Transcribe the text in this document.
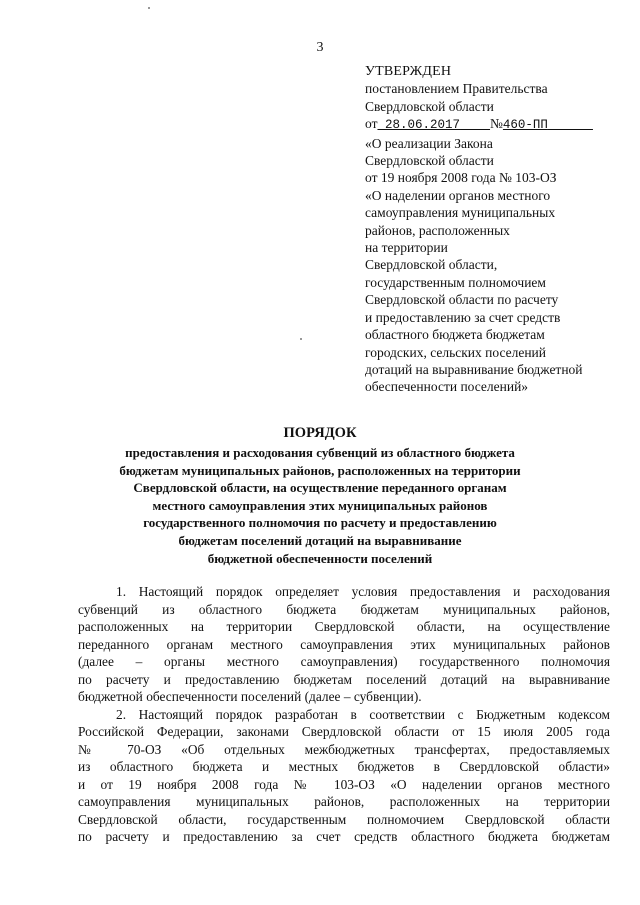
3
УТВЕРЖДЕН
постановлением Правительства
Свердловской области
от 28.06.2017 №460-ПП
«О реализации Закона
Свердловской области
от 19 ноября 2008 года № 103-ОЗ
«О наделении органов местного
самоуправления муниципальных
районов, расположенных
на территории
Свердловской области,
государственным полномочием
Свердловской области по расчету
и предоставлению за счет средств
областного бюджета бюджетам
городских, сельских поселений
дотаций на выравнивание бюджетной
обеспеченности поселений»
ПОРЯДОК
предоставления и расходования субвенций из областного бюджета
бюджетам муниципальных районов, расположенных на территории
Свердловской области, на осуществление переданного органам
местного самоуправления этих муниципальных районов
государственного полномочия по расчету и предоставлению
бюджетам поселений дотаций на выравнивание
бюджетной обеспеченности поселений
1. Настоящий порядок определяет условия предоставления и расходования
субвенций из областного бюджета бюджетам муниципальных районов,
расположенных на территории Свердловской области, на осуществление
переданного органам местного самоуправления этих муниципальных районов
(далее – органы местного самоуправления) государственного полномочия
по расчету и предоставлению бюджетам поселений дотаций на выравнивание
бюджетной обеспеченности поселений (далее – субвенции).
2. Настоящий порядок разработан в соответствии с Бюджетным кодексом
Российской Федерации, законами Свердловской области от 15 июля 2005 года
№ 70-ОЗ «Об отдельных межбюджетных трансфертах, предоставляемых
из областного бюджета и местных бюджетов в Свердловской области»
и от 19 ноября 2008 года № 103-ОЗ «О наделении органов местного
самоуправления муниципальных районов, расположенных на территории
Свердловской области, государственным полномочием Свердловской области
по расчету и предоставлению за счет средств областного бюджета бюджетам
